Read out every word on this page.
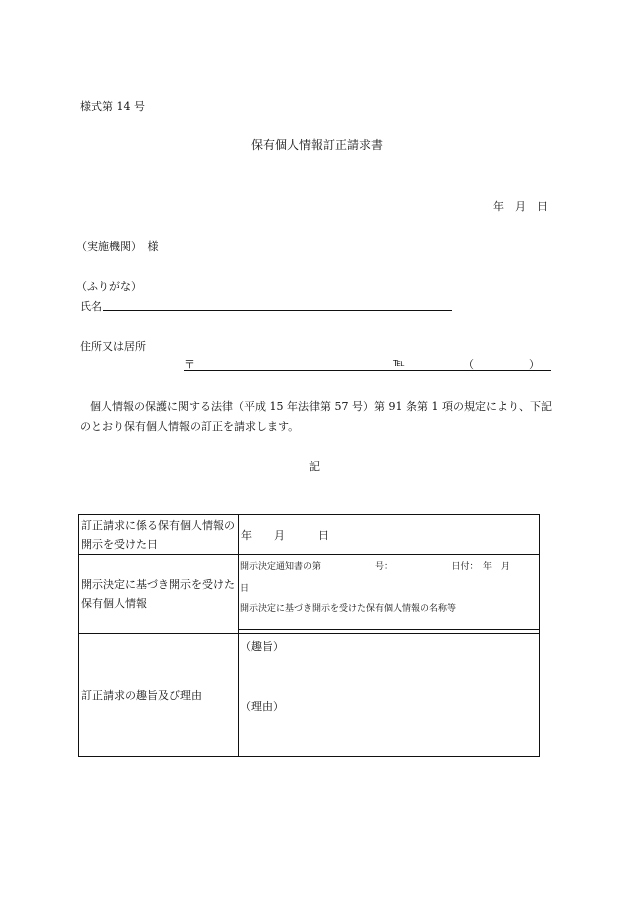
様式第 14 号
保有個人情報訂正請求書
年　月　日
（実施機関）　様
（ふりがな）
氏名
住所又は居所
〒	℡	（　　　　　）
個人情報の保護に関する法律（平成 15 年法律第 57 号）第 91 条第 1 項の規定により、下記
のとおり保有個人情報の訂正を請求します。
記
訂正請求に係る保有個人情報の開示を受けた日	年　　月　　　日
開示決定に基づき開示を受けた保有個人情報	開示決定通知書の第　　　　　　号：　　　　　　　日付：　年　月
日
開示決定に基づき開示を受けた保有個人情報の名称等

訂正請求の趣旨及び理由	（趣旨）
（理由）
